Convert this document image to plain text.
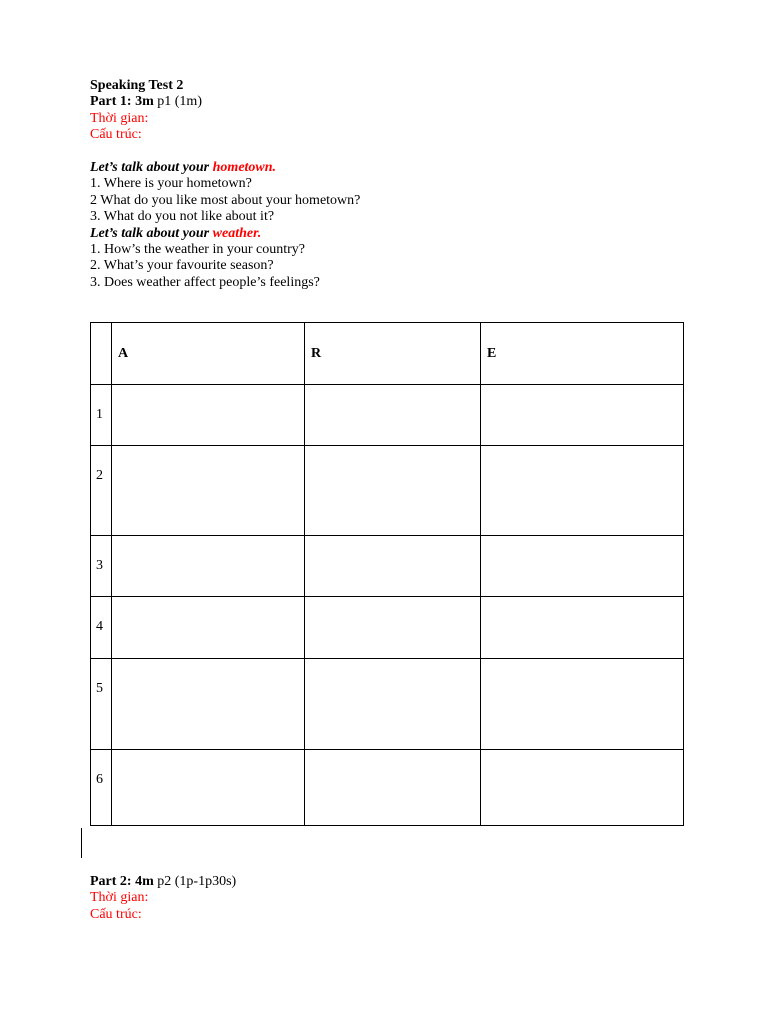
Speaking Test 2
Part 1: 3m p1 (1m)
Thời gian:
Cấu trúc:
Let’s talk about your hometown.
1. Where is your hometown?
2 What do you like most about your hometown?
3. What do you not like about it?
Let’s talk about your weather.
1. How’s the weather in your country?
2. What’s your favourite season?
3. Does weather affect people’s feelings?

	A	R	E

1			

2			

3			

4			

5			

6			

Part 2: 4m p2 (1p-1p30s)
Thời gian:
Cấu trúc:
